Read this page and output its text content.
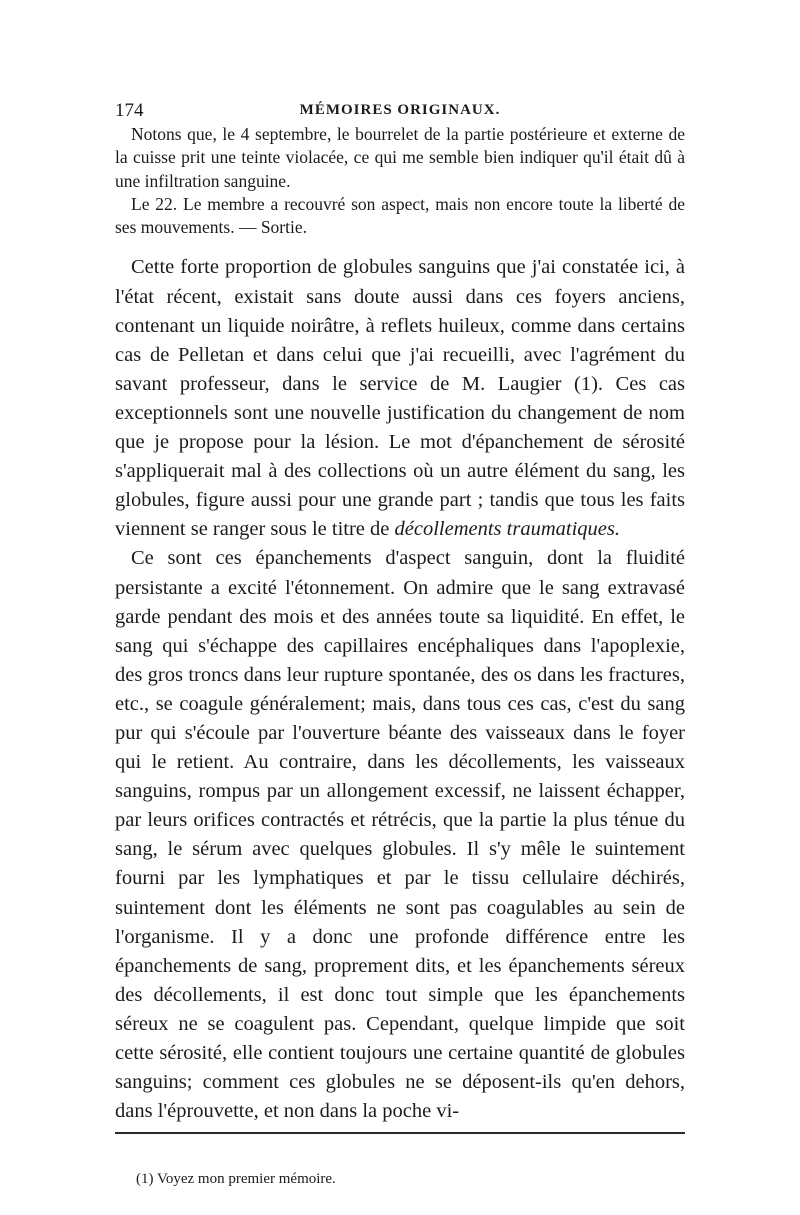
174	MÉMOIRES ORIGINAUX.

Notons que, le 4 septembre, le bourrelet de la partie postérieure et externe de la cuisse prit une teinte violacée, ce qui me semble bien indiquer qu'il était dû à une infiltration sanguine.

Le 22. Le membre a recouvré son aspect, mais non encore toute la liberté de ses mouvements. — Sortie.

Cette forte proportion de globules sanguins que j'ai constatée ici, à l'état récent, existait sans doute aussi dans ces foyers anciens, contenant un liquide noirâtre, à reflets huileux, comme dans certains cas de Pelletan et dans celui que j'ai recueilli, avec l'agrément du savant professeur, dans le service de M. Laugier (1). Ces cas exceptionnels sont une nouvelle justification du changement de nom que je propose pour la lésion. Le mot d'épanchement de sérosité s'appliquerait mal à des collections où un autre élément du sang, les globules, figure aussi pour une grande part ; tandis que tous les faits viennent se ranger sous le titre de décollements traumatiques.

Ce sont ces épanchements d'aspect sanguin, dont la fluidité persistante a excité l'étonnement. On admire que le sang extravasé garde pendant des mois et des années toute sa liquidité. En effet, le sang qui s'échappe des capillaires encéphaliques dans l'apoplexie, des gros troncs dans leur rupture spontanée, des os dans les fractures, etc., se coagule généralement; mais, dans tous ces cas, c'est du sang pur qui s'écoule par l'ouverture béante des vaisseaux dans le foyer qui le retient. Au contraire, dans les décollements, les vaisseaux sanguins, rompus par un allongement excessif, ne laissent échapper, par leurs orifices contractés et rétrécis, que la partie la plus ténue du sang, le sérum avec quelques globules. Il s'y mêle le suintement fourni par les lymphatiques et par le tissu cellulaire déchirés, suintement dont les éléments ne sont pas coagulables au sein de l'organisme. Il y a donc une profonde différence entre les épanchements de sang, proprement dits, et les épanchements séreux des décollements, il est donc tout simple que les épanchements séreux ne se coagulent pas. Cependant, quelque limpide que soit cette sérosité, elle contient toujours une certaine quantité de globules sanguins; comment ces globules ne se déposent-ils qu'en dehors, dans l'éprouvette, et non dans la poche vi-

(1) Voyez mon premier mémoire.
